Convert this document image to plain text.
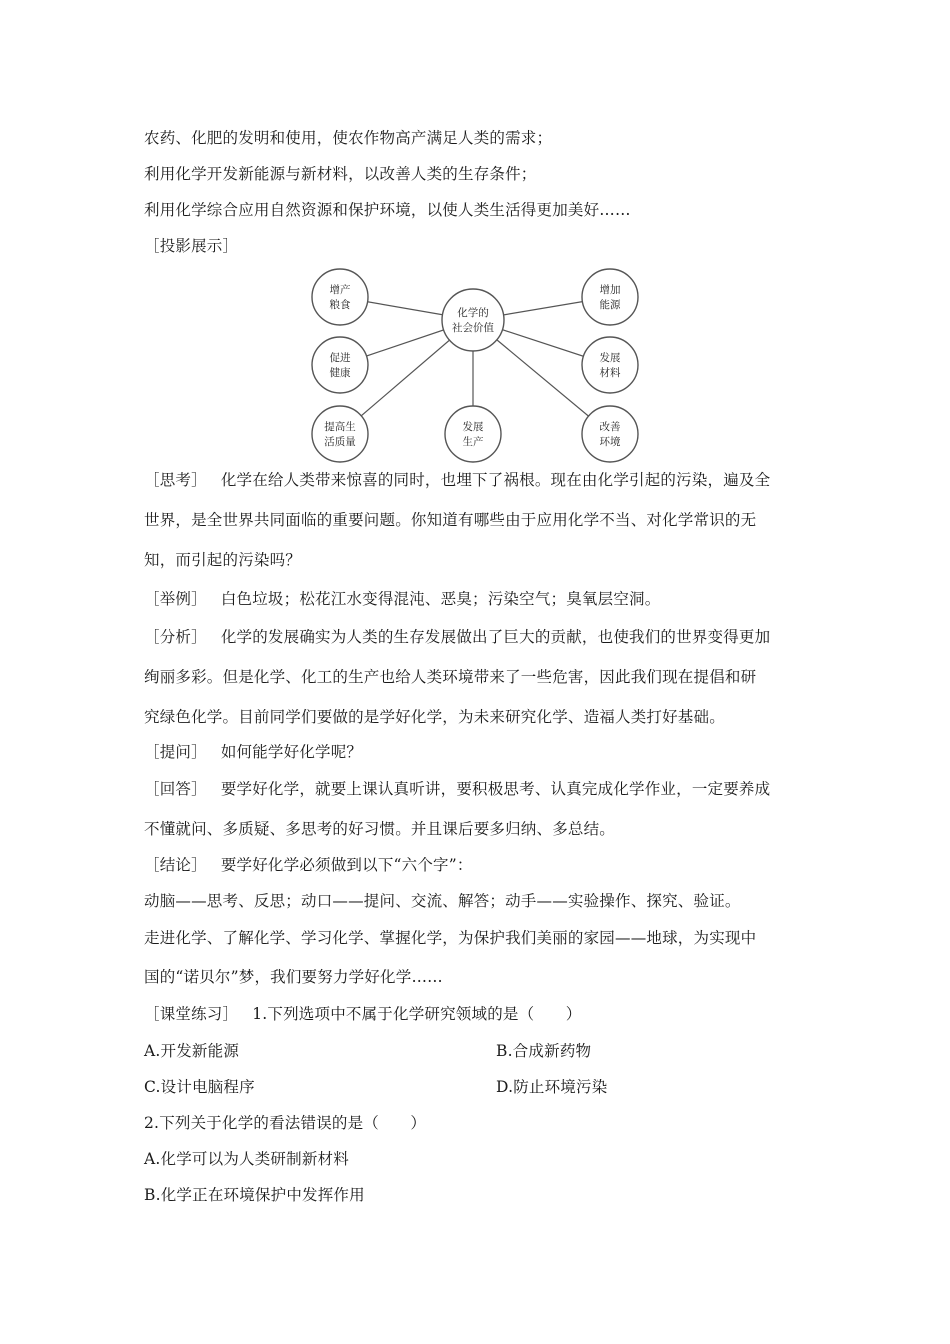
农药、化肥的发明和使用，使农作物高产满足人类的需求；
利用化学开发新能源与新材料，以改善人类的生存条件；
利用化学综合应用自然资源和保护环境，以使人类生活得更加美好……
［投影展示］
化学的
社会价值
增产
粮食
增加
能源
促进
健康
发展
材料
提高生
活质量
发展
生产
改善
环境
［思考］ 化学在给人类带来惊喜的同时，也埋下了祸根。现在由化学引起的污染，遍及全
世界，是全世界共同面临的重要问题。你知道有哪些由于应用化学不当、对化学常识的无
知，而引起的污染吗？
［举例］ 白色垃圾；松花江水变得混沌、恶臭；污染空气；臭氧层空洞。
［分析］ 化学的发展确实为人类的生存发展做出了巨大的贡献，也使我们的世界变得更加
绚丽多彩。但是化学、化工的生产也给人类环境带来了一些危害，因此我们现在提倡和研
究绿色化学。目前同学们要做的是学好化学，为未来研究化学、造福人类打好基础。
［提问］ 如何能学好化学呢？
［回答］ 要学好化学，就要上课认真听讲，要积极思考、认真完成化学作业，一定要养成
不懂就问、多质疑、多思考的好习惯。并且课后要多归纳、多总结。
［结论］ 要学好化学必须做到以下“六个字”：
动脑——思考、反思；动口——提问、交流、解答；动手——实验操作、探究、验证。
走进化学、了解化学、学习化学、掌握化学，为保护我们美丽的家园——地球，为实现中
国的“诺贝尔”梦，我们要努力学好化学……
［课堂练习］ 1.下列选项中不属于化学研究领域的是（　　）
A.开发新能源	B.合成新药物
C.设计电脑程序	D.防止环境污染
2.下列关于化学的看法错误的是（　　）
A.化学可以为人类研制新材料
B.化学正在环境保护中发挥作用
